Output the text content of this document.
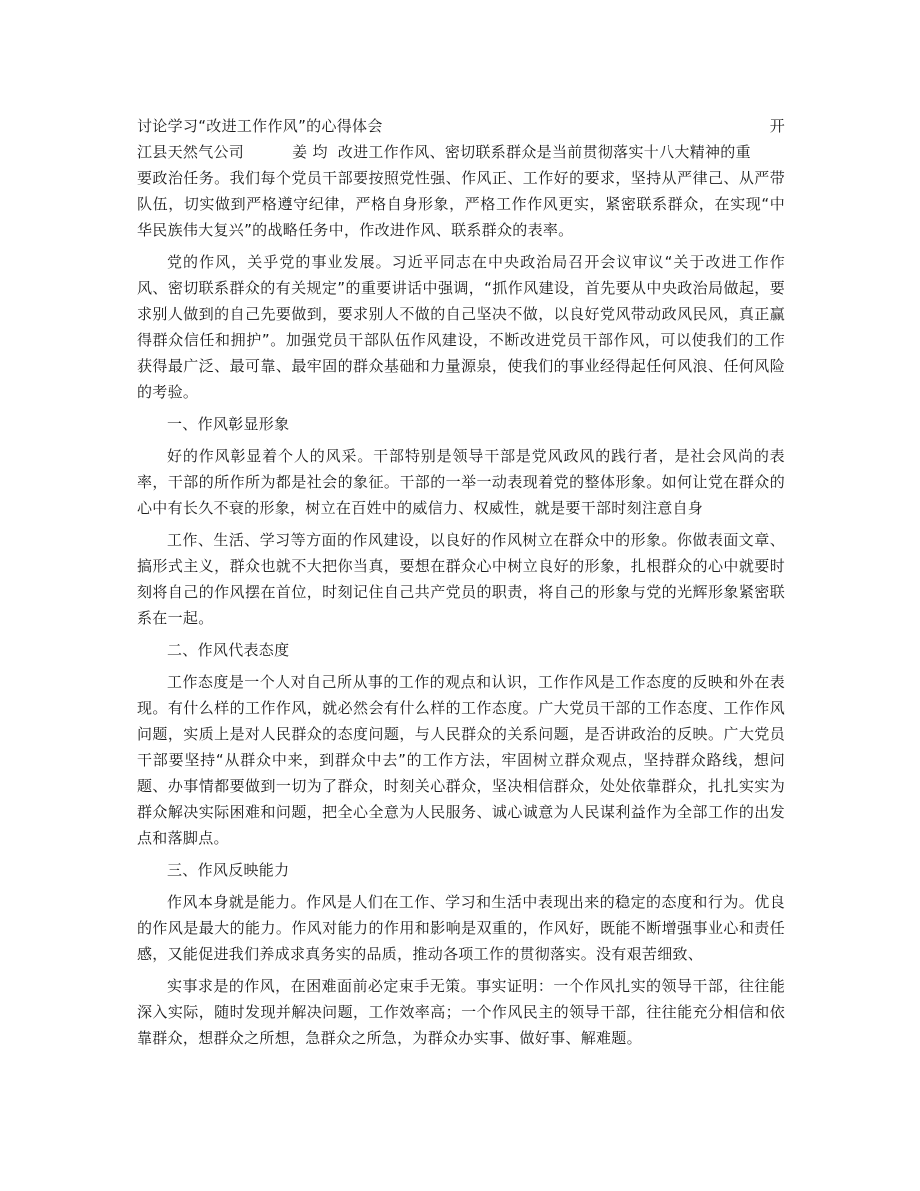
讨论学习“改进工作作风”的心得体会	开
江县天然气公司	姜 均 改进工作作风、密切联系群众是当前贯彻落实十八大精神的重

要政治任务。我们每个党员干部要按照党性强、作风正、工作好的要求，坚持从严律己、从严带队伍，切实做到严格遵守纪律，严格自身形象，严格工作作风更实，紧密联系群众，在实现“中华民族伟大复兴”的战略任务中，作改进作风、联系群众的表率。

党的作风，关乎党的事业发展。习近平同志在中央政治局召开会议审议“关于改进工作作风、密切联系群众的有关规定”的重要讲话中强调，“抓作风建设，首先要从中央政治局做起，要求别人做到的自己先要做到，要求别人不做的自己坚决不做，以良好党风带动政风民风，真正赢得群众信任和拥护”。加强党员干部队伍作风建设，不断改进党员干部作风，可以使我们的工作获得最广泛、最可靠、最牢固的群众基础和力量源泉，使我们的事业经得起任何风浪、任何风险的考验。

一、作风彰显形象

好的作风彰显着个人的风采。干部特别是领导干部是党风政风的践行者，是社会风尚的表率，干部的所作所为都是社会的象征。干部的一举一动表现着党的整体形象。如何让党在群众的心中有长久不衰的形象，树立在百姓中的威信力、权威性，就是要干部时刻注意自身

工作、生活、学习等方面的作风建设，以良好的作风树立在群众中的形象。你做表面文章、搞形式主义，群众也就不大把你当真，要想在群众心中树立良好的形象，扎根群众的心中就要时刻将自己的作风摆在首位，时刻记住自己共产党员的职责，将自己的形象与党的光辉形象紧密联系在一起。

二、作风代表态度

工作态度是一个人对自己所从事的工作的观点和认识，工作作风是工作态度的反映和外在表现。有什么样的工作作风，就必然会有什么样的工作态度。广大党员干部的工作态度、工作作风问题，实质上是对人民群众的态度问题，与人民群众的关系问题，是否讲政治的反映。广大党员干部要坚持“从群众中来，到群众中去”的工作方法，牢固树立群众观点，坚持群众路线，想问题、办事情都要做到一切为了群众，时刻关心群众，坚决相信群众，处处依靠群众，扎扎实实为群众解决实际困难和问题，把全心全意为人民服务、诚心诚意为人民谋利益作为全部工作的出发点和落脚点。

三、作风反映能力

作风本身就是能力。作风是人们在工作、学习和生活中表现出来的稳定的态度和行为。优良的作风是最大的能力。作风对能力的作用和影响是双重的，作风好，既能不断增强事业心和责任感，又能促进我们养成求真务实的品质，推动各项工作的贯彻落实。没有艰苦细致、

实事求是的作风，在困难面前必定束手无策。事实证明：一个作风扎实的领导干部，往往能深入实际，随时发现并解决问题，工作效率高；一个作风民主的领导干部，往往能充分相信和依靠群众，想群众之所想，急群众之所急，为群众办实事、做好事、解难题。
